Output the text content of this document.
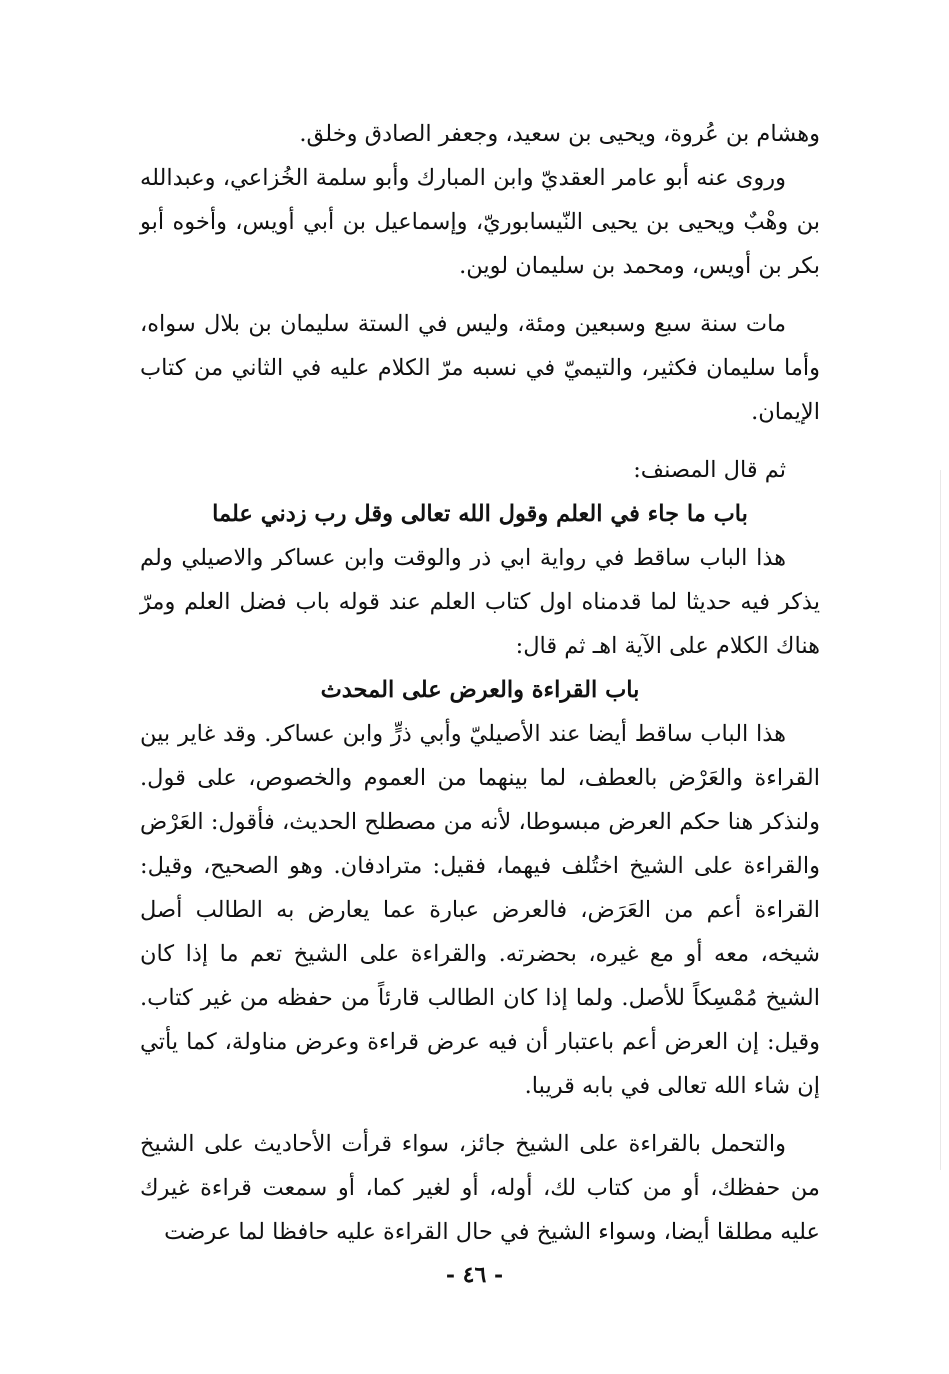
وهشام بن عُروة، ويحيى بن سعيد، وجعفر الصادق وخلق.

وروى عنه أبو عامر العقديّ وابن المبارك وأبو سلمة الخُزاعي، وعبدالله بن وهْبٌ ويحيى بن يحيى النّيسابوريّ، وإسماعيل بن أبي أويس، وأخوه أبو بكر بن أويس، ومحمد بن سليمان لوين.

مات سنة سبع وسبعين ومئة، وليس في الستة سليمان بن بلال سواه، وأما سليمان فكثير، والتيميّ في نسبه مرّ الكلام عليه في الثاني من كتاب الإيمان.

ثم قال المصنف:

باب ما جاء في العلم وقول الله تعالى وقل رب زدني علما

هذا الباب ساقط في رواية ابي ذر والوقت وابن عساكر والاصيلي ولم يذكر فيه حديثا لما قدمناه اول كتاب العلم عند قوله باب فضل العلم ومرّ هناك الكلام على الآية اهـ ثم قال:

باب القراءة والعرض على المحدث

هذا الباب ساقط أيضا عند الأصيليّ وأبي ذرٍّ وابن عساكر. وقد غاير بين القراءة والعَرْض بالعطف، لما بينهما من العموم والخصوص، على قول. ولنذكر هنا حكم العرض مبسوطا، لأنه من مصطلح الحديث، فأقول: العَرْض والقراءة على الشيخ اختُلف فيهما، فقيل: مترادفان. وهو الصحيح، وقيل: القراءة أعم من العَرَض، فالعرض عبارة عما يعارض به الطالب أصل شيخه، معه أو مع غيره، بحضرته. والقراءة على الشيخ تعم ما إذا كان الشيخ مُمْسِكاً للأصل. ولما إذا كان الطالب قارئاً من حفظه من غير كتاب. وقيل: إن العرض أعم باعتبار أن فيه عرض قراءة وعرض مناولة، كما يأتي إن شاء الله تعالى في بابه قريبا.

والتحمل بالقراءة على الشيخ جائز، سواء قرأت الأحاديث على الشيخ من حفظك، أو من كتاب لك، أوله، أو لغير كما، أو سمعت قراءة غيرك عليه مطلقا أيضا، وسواء الشيخ في حال القراءة عليه حافظا لما عرضت

- ٤٦ -
